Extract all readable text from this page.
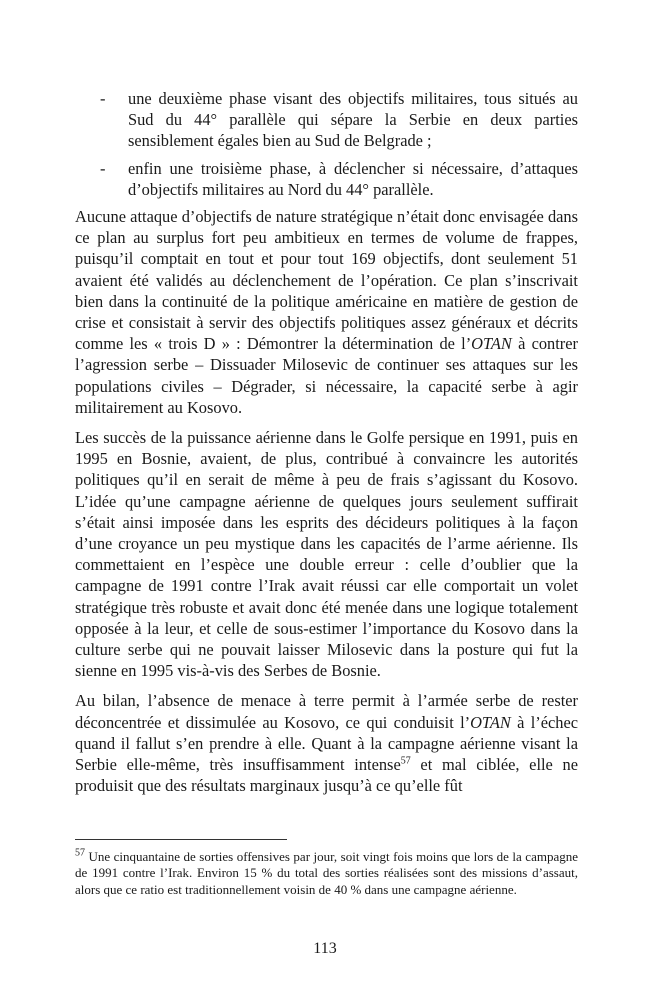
- une deuxième phase visant des objectifs militaires, tous situés au Sud du 44° parallèle qui sépare la Serbie en deux parties sensiblement égales bien au Sud de Belgrade ;
- enfin une troisième phase, à déclencher si nécessaire, d’attaques d’objectifs militaires au Nord du 44° parallèle.

Aucune attaque d’objectifs de nature stratégique n’était donc envisagée dans ce plan au surplus fort peu ambitieux en termes de volume de frappes, puisqu’il comptait en tout et pour tout 169 objectifs, dont seulement 51 avaient été validés au déclenchement de l’opération. Ce plan s’inscrivait bien dans la continuité de la politique américaine en matière de gestion de crise et consistait à servir des objectifs politiques assez généraux et décrits comme les « trois D » : Démontrer la détermination de l’OTAN à contrer l’agression serbe – Dissuader Milosevic de continuer ses attaques sur les populations civiles – Dégrader, si nécessaire, la capacité serbe à agir militairement au Kosovo.

Les succès de la puissance aérienne dans le Golfe persique en 1991, puis en 1995 en Bosnie, avaient, de plus, contribué à convaincre les autorités politiques qu’il en serait de même à peu de frais s’agissant du Kosovo. L’idée qu’une campagne aérienne de quelques jours seulement suffirait s’était ainsi imposée dans les esprits des décideurs politiques à la façon d’une croyance un peu mystique dans les capacités de l’arme aérienne. Ils commettaient en l’espèce une double erreur : celle d’oublier que la campagne de 1991 contre l’Irak avait réussi car elle comportait un volet stratégique très robuste et avait donc été menée dans une logique totalement opposée à la leur, et celle de sous-estimer l’importance du Kosovo dans la culture serbe qui ne pouvait laisser Milosevic dans la posture qui fut la sienne en 1995 vis-à-vis des Serbes de Bosnie.

Au bilan, l’absence de menace à terre permit à l’armée serbe de rester déconcentrée et dissimulée au Kosovo, ce qui conduisit l’OTAN à l’échec quand il fallut s’en prendre à elle. Quant à la campagne aérienne visant la Serbie elle-même, très insuffisamment intense$^{57}$ et mal ciblée, elle ne produisit que des résultats marginaux jusqu’à ce qu’elle fût

$^{57}$ Une cinquantaine de sorties offensives par jour, soit vingt fois moins que lors de la campagne de 1991 contre l’Irak. Environ 15 % du total des sorties réalisées sont des missions d’assaut, alors que ce ratio est traditionnellement voisin de 40 % dans une campagne aérienne.
113
